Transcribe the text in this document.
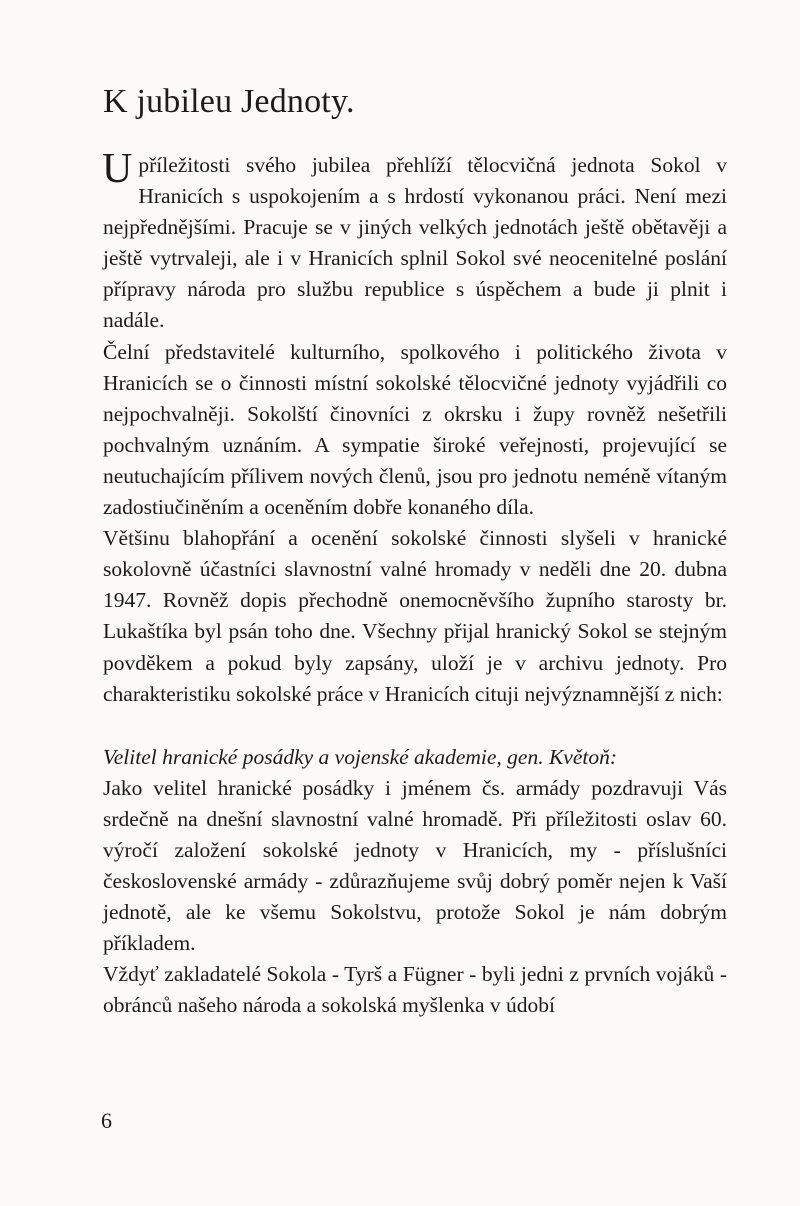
K jubileu Jednoty.

Upříležitosti svého jubilea přehlíží tělocvičná jednota Sokol v Hranicích s uspokojením a s hrdostí vykonanou práci. Není mezi nejpřednějšími. Pracuje se v jiných velkých jednotách ještě obětavěji a ještě vytrvaleji, ale i v Hranicích splnil Sokol své neocenitelné poslání přípravy národa pro službu republice s úspěchem a bude ji plnit i nadále.

Čelní představitelé kulturního, spolkového i politického života v Hranicích se o činnosti místní sokolské tělocvičné jednoty vyjádřili co nejpochvalněji. Sokolští činovníci z okrsku i župy rovněž nešetřili pochvalným uznáním. A sympatie široké veřejnosti, projevující se neutuchajícím přílivem nových členů, jsou pro jednotu neméně vítaným zadostiučiněním a oceněním dobře konaného díla.

Většinu blahopřání a ocenění sokolské činnosti slyšeli v hranické sokolovně účastníci slavnostní valné hromady v neděli dne 20. dubna 1947. Rovněž dopis přechodně onemocněvšího župního starosty br. Lukaštíka byl psán toho dne. Všechny přijal hranický Sokol se stejným povděkem a pokud byly zapsány, uloží je v archivu jednoty. Pro charakteristiku sokolské práce v Hranicích cituji nejvýznamnější z nich:

Velitel hranické posádky a vojenské akademie, gen. Květoň:

Jako velitel hranické posádky i jménem čs. armády pozdravuji Vás srdečně na dnešní slavnostní valné hromadě. Při příležitosti oslav 60. výročí založení sokolské jednoty v Hranicích, my - příslušníci československé armády - zdůrazňujeme svůj dobrý poměr nejen k Vaší jednotě, ale ke všemu Sokolstvu, protože Sokol je nám dobrým příkladem.

Vždyť zakladatelé Sokola - Tyrš a Fügner - byli jedni z prvních vojáků - obránců našeho národa a sokolská myšlenka v údobí

6
